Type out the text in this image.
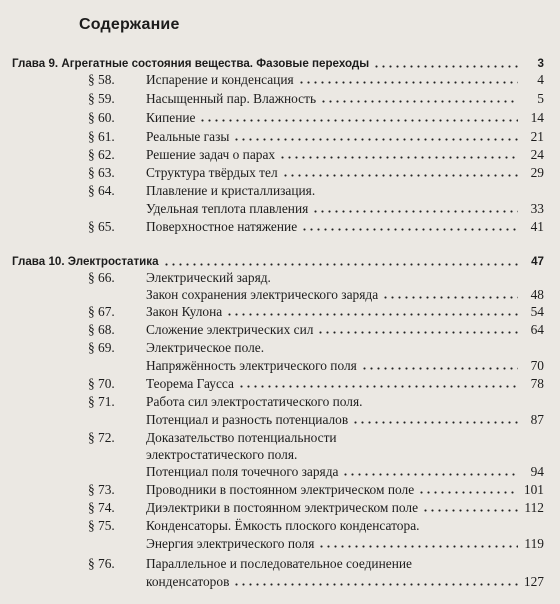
Содержание
Глава 9. Агрегатные состояния вещества. Фазовые переходы	3
§ 58.	Испарение и конденсация	4
§ 59.	Насыщенный пар. Влажность	5
§ 60.	Кипение	14
§ 61.	Реальные газы	21
§ 62.	Решение задач о парах	24
§ 63.	Структура твёрдых тел	29
§ 64.	Плавление и кристаллизация.
Удельная теплота плавления	33
§ 65.	Поверхностное натяжение	41
Глава 10. Электростатика	47
§ 66.	Электрический заряд.
Закон сохранения электрического заряда	48
§ 67.	Закон Кулона	54
§ 68.	Сложение электрических сил	64
§ 69.	Электрическое поле.
Напряжённость электрического поля	70
§ 70.	Теорема Гаусса	78
§ 71.	Работа сил электростатического поля.
Потенциал и разность потенциалов	87
§ 72.	Доказательство потенциальности
электростатического поля.
Потенциал поля точечного заряда	94
§ 73.	Проводники в постоянном электрическом поле	101
§ 74.	Диэлектрики в постоянном электрическом поле	112
§ 75.	Конденсаторы. Ёмкость плоского конденсатора.
Энергия электрического поля	119
§ 76.	Параллельное и последовательное соединение
конденсаторов	127
